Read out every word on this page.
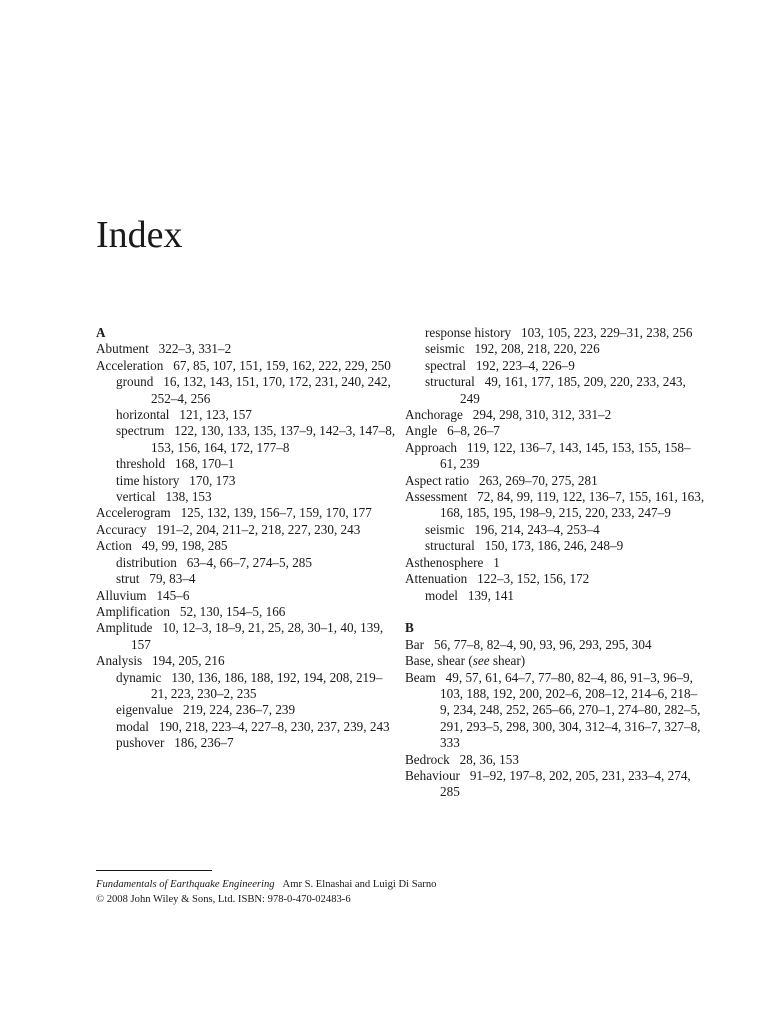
Index
A
Abutment 322–3, 331–2
Acceleration 67, 85, 107, 151, 159, 162, 222, 229, 250
ground 16, 132, 143, 151, 170, 172, 231, 240, 242, 252–4, 256
horizontal 121, 123, 157
spectrum 122, 130, 133, 135, 137–9, 142–3, 147–8, 153, 156, 164, 172, 177–8
threshold 168, 170–1
time history 170, 173
vertical 138, 153
Accelerogram 125, 132, 139, 156–7, 159, 170, 177
Accuracy 191–2, 204, 211–2, 218, 227, 230, 243
Action 49, 99, 198, 285
distribution 63–4, 66–7, 274–5, 285
strut 79, 83–4
Alluvium 145–6
Amplification 52, 130, 154–5, 166
Amplitude 10, 12–3, 18–9, 21, 25, 28, 30–1, 40, 139, 157
Analysis 194, 205, 216
dynamic 130, 136, 186, 188, 192, 194, 208, 219–21, 223, 230–2, 235
eigenvalue 219, 224, 236–7, 239
modal 190, 218, 223–4, 227–8, 230, 237, 239, 243
pushover 186, 236–7
response history 103, 105, 223, 229–31, 238, 256
seismic 192, 208, 218, 220, 226
spectral 192, 223–4, 226–9
structural 49, 161, 177, 185, 209, 220, 233, 243, 249
Anchorage 294, 298, 310, 312, 331–2
Angle 6–8, 26–7
Approach 119, 122, 136–7, 143, 145, 153, 155, 158–61, 239
Aspect ratio 263, 269–70, 275, 281
Assessment 72, 84, 99, 119, 122, 136–7, 155, 161, 163, 168, 185, 195, 198–9, 215, 220, 233, 247–9
seismic 196, 214, 243–4, 253–4
structural 150, 173, 186, 246, 248–9
Asthenosphere 1
Attenuation 122–3, 152, 156, 172
model 139, 141
B
Bar 56, 77–8, 82–4, 90, 93, 96, 293, 295, 304
Base, shear (see shear)
Beam 49, 57, 61, 64–7, 77–80, 82–4, 86, 91–3, 96–9, 103, 188, 192, 200, 202–6, 208–12, 214–6, 218–9, 234, 248, 252, 265–66, 270–1, 274–80, 282–5, 291, 293–5, 298, 300, 304, 312–4, 316–7, 327–8, 333
Bedrock 28, 36, 153
Behaviour 91–92, 197–8, 202, 205, 231, 233–4, 274, 285
Fundamentals of Earthquake Engineering Amr S. Elnashai and Luigi Di Sarno
© 2008 John Wiley & Sons, Ltd. ISBN: 978-0-470-02483-6
